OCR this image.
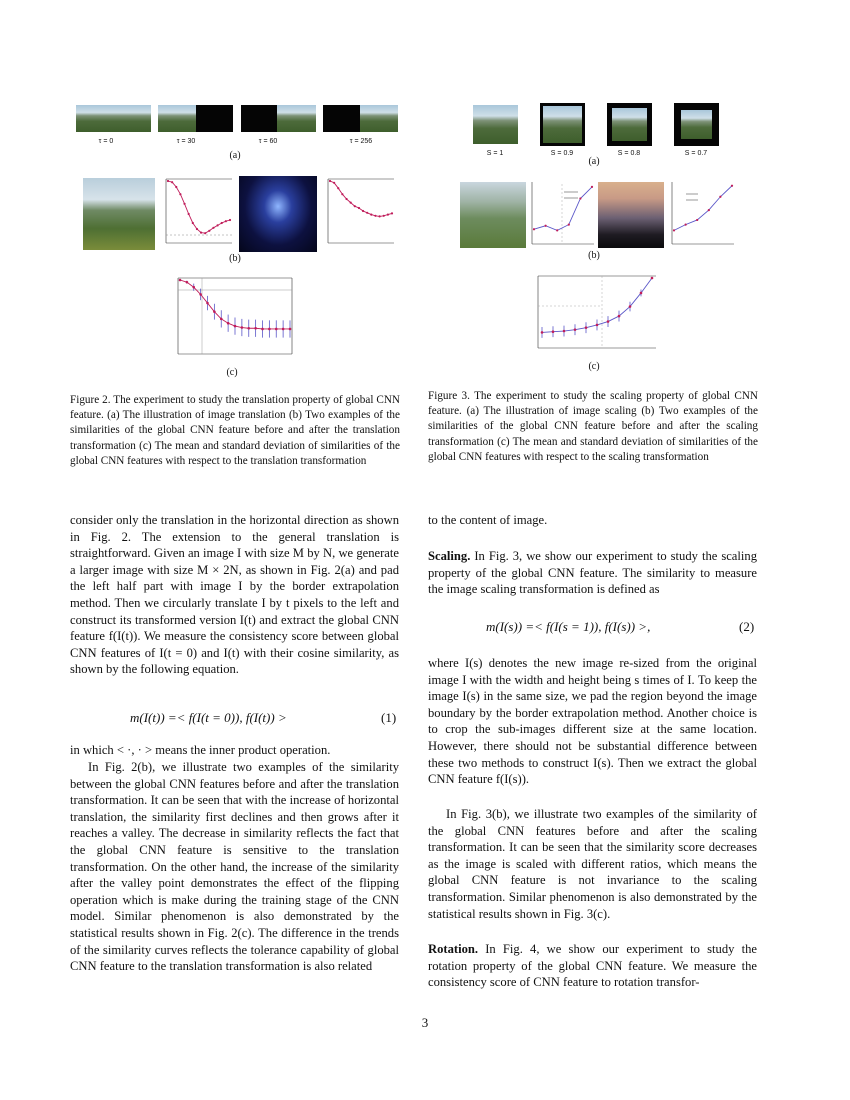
τ = 0	τ = 30	τ = 60	τ = 256
(a)
(b)
(c)
Figure 2. The experiment to study the translation property of global CNN feature. (a) The illustration of image translation (b) Two examples of the similarities of the global CNN feature before and after the translation transformation (c) The mean and standard deviation of similarities of the global CNN features with respect to the translation transformation
S = 1	S = 0.9	S = 0.8	S = 0.7
(a)
(b)
(c)
Figure 3. The experiment to study the scaling property of global CNN feature. (a) The illustration of image scaling (b) Two examples of the similarities of the global CNN feature before and after the scaling transformation (c) The mean and standard deviation of similarities of the global CNN features with respect to the scaling transformation
consider only the translation in the horizontal direction as shown in Fig. 2. The extension to the general translation is straightforward. Given an image I with size M by N, we generate a larger image with size M × 2N, as shown in Fig. 2(a) and pad the left half part with image I by the border extrapolation method. Then we circularly translate I by t pixels to the left and construct its transformed version I(t) and extract the global CNN feature f(I(t)). We measure the consistency score between global CNN features of I(t = 0) and I(t) with their cosine similarity, as shown by the following equation.
m(I(t)) =< f(I(t = 0)), f(I(t)) >	(1)
in which < ·, · > means the inner product operation.
In Fig. 2(b), we illustrate two examples of the similarity between the global CNN features before and after the translation transformation. It can be seen that with the increase of horizontal translation, the similarity first declines and then grows after it reaches a valley. The decrease in similarity reflects the fact that the global CNN feature is sensitive to the translation transformation. On the other hand, the increase of the similarity after the valley point demonstrates the effect of the flipping operation which is make during the training stage of the CNN model. Similar phenomenon is also demonstrated by the statistical results shown in Fig. 2(c). The difference in the trends of the similarity curves reflects the tolerance capability of global CNN feature to the translation transformation is also related
to the content of image.
Scaling. In Fig. 3, we show our experiment to study the scaling property of the global CNN feature. The similarity to measure the image scaling transformation is defined as
m(I(s)) =< f(I(s = 1)), f(I(s)) >,	(2)
where I(s) denotes the new image re-sized from the original image I with the width and height being s times of I. To keep the image I(s) in the same size, we pad the region beyond the image boundary by the border extrapolation method. Another choice is to crop the sub-images different size at the same location. However, there should not be substantial difference between these two methods to construct I(s). Then we extract the global CNN feature f(I(s)).
In Fig. 3(b), we illustrate two examples of the similarity of the global CNN features before and after the scaling transformation. It can be seen that the similarity score decreases as the image is scaled with different ratios, which means the global CNN feature is not invariance to the scaling transformation. Similar phenomenon is also demonstrated by the statistical results shown in Fig. 3(c).
Rotation. In Fig. 4, we show our experiment to study the rotation property of the global CNN feature. We measure the consistency score of CNN feature to rotation transfor-
3
